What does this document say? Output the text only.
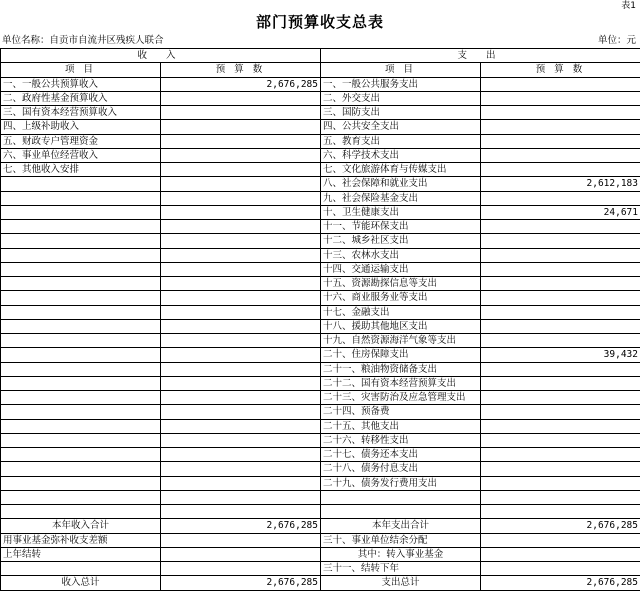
表1
部门预算收支总表
单位名称：自贡市自流井区残疾人联合	单位：元
收 入		支 出	
项 目	预 算 数	项 目	预 算 数
一、一般公共预算收入	2,676,285	一、一般公共服务支出	
二、政府性基金预算收入		二、外交支出	
三、国有资本经营预算收入		三、国防支出	
四、上级补助收入		四、公共安全支出	
五、财政专户管理资金		五、教育支出	
六、事业单位经营收入		六、科学技术支出	
七、其他收入安排		七、文化旅游体育与传媒支出	
		八、社会保障和就业支出	2,612,183
		九、社会保险基金支出	
		十、卫生健康支出	24,671
		十一、节能环保支出	
		十二、城乡社区支出	
		十三、农林水支出	
		十四、交通运输支出	
		十五、资源勘探信息等支出	
		十六、商业服务业等支出	
		十七、金融支出	
		十八、援助其他地区支出	
		十九、自然资源海洋气象等支出	
		二十、住房保障支出	39,432
		二十一、粮油物资储备支出	
		二十二、国有资本经营预算支出	
		二十三、灾害防治及应急管理支出	
		二十四、预备费	
		二十五、其他支出	
		二十六、转移性支出	
		二十七、债务还本支出	
		二十八、债务付息支出	
		二十九、债务发行费用支出	

本年收入合计	2,676,285	本年支出合计	2,676,285
用事业基金弥补收支差额		三十、事业单位结余分配	
上年结转		其中：转入事业基金	
		三十一、结转下年	
收入总计	2,676,285	支出总计	2,676,285
